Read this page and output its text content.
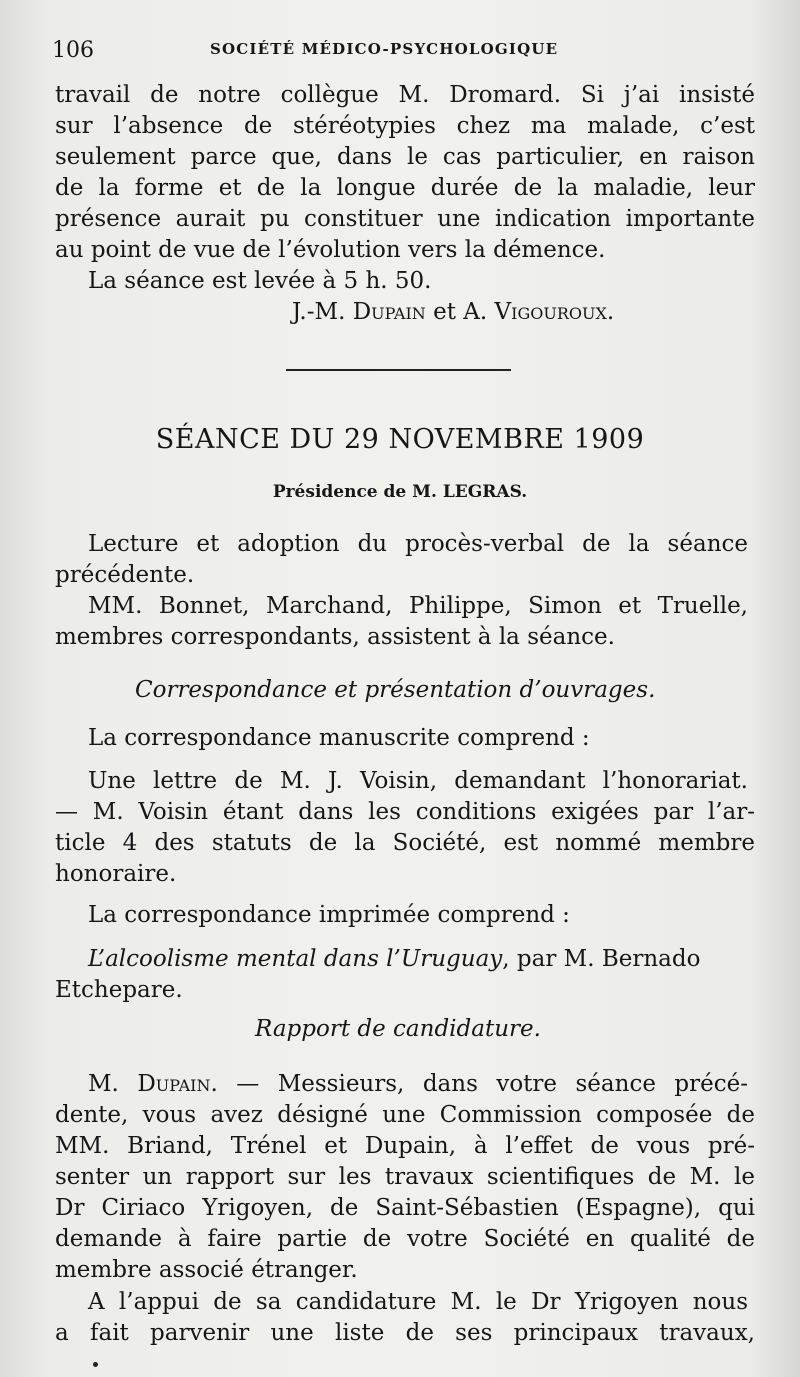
106	SOCIÉTÉ MÉDICO-PSYCHOLOGIQUE
travail de notre collègue M. Dromard. Si j’ai insisté
sur l’absence de stéréotypies chez ma malade, c’est
seulement parce que, dans le cas particulier, en raison
de la forme et de la longue durée de la maladie, leur
présence aurait pu constituer une indication importante
au point de vue de l’évolution vers la démence.
La séance est levée à 5 h. 50.
J.-M. Dupain et A. Vigouroux.
SÉANCE DU 29 NOVEMBRE 1909
Présidence de M. LEGRAS.
Lecture et adoption du procès-verbal de la séance
précédente.
MM. Bonnet, Marchand, Philippe, Simon et Truelle,
membres correspondants, assistent à la séance.
Correspondance et présentation d’ouvrages.
La correspondance manuscrite comprend :
Une lettre de M. J. Voisin, demandant l’honorariat.
— M. Voisin étant dans les conditions exigées par l’ar-
ticle 4 des statuts de la Société, est nommé membre
honoraire.
La correspondance imprimée comprend :
L’alcoolisme mental dans l’Uruguay, par M. Bernado
Etchepare.
Rapport de candidature.
M. Dupain. — Messieurs, dans votre séance précé-
dente, vous avez désigné une Commission composée de
MM. Briand, Trénel et Dupain, à l’effet de vous pré-
senter un rapport sur les travaux scientifiques de M. le
Dr Ciriaco Yrigoyen, de Saint-Sébastien (Espagne), qui
demande à faire partie de votre Société en qualité de
membre associé étranger.
A l’appui de sa candidature M. le Dr Yrigoyen nous
a fait parvenir une liste de ses principaux travaux,
